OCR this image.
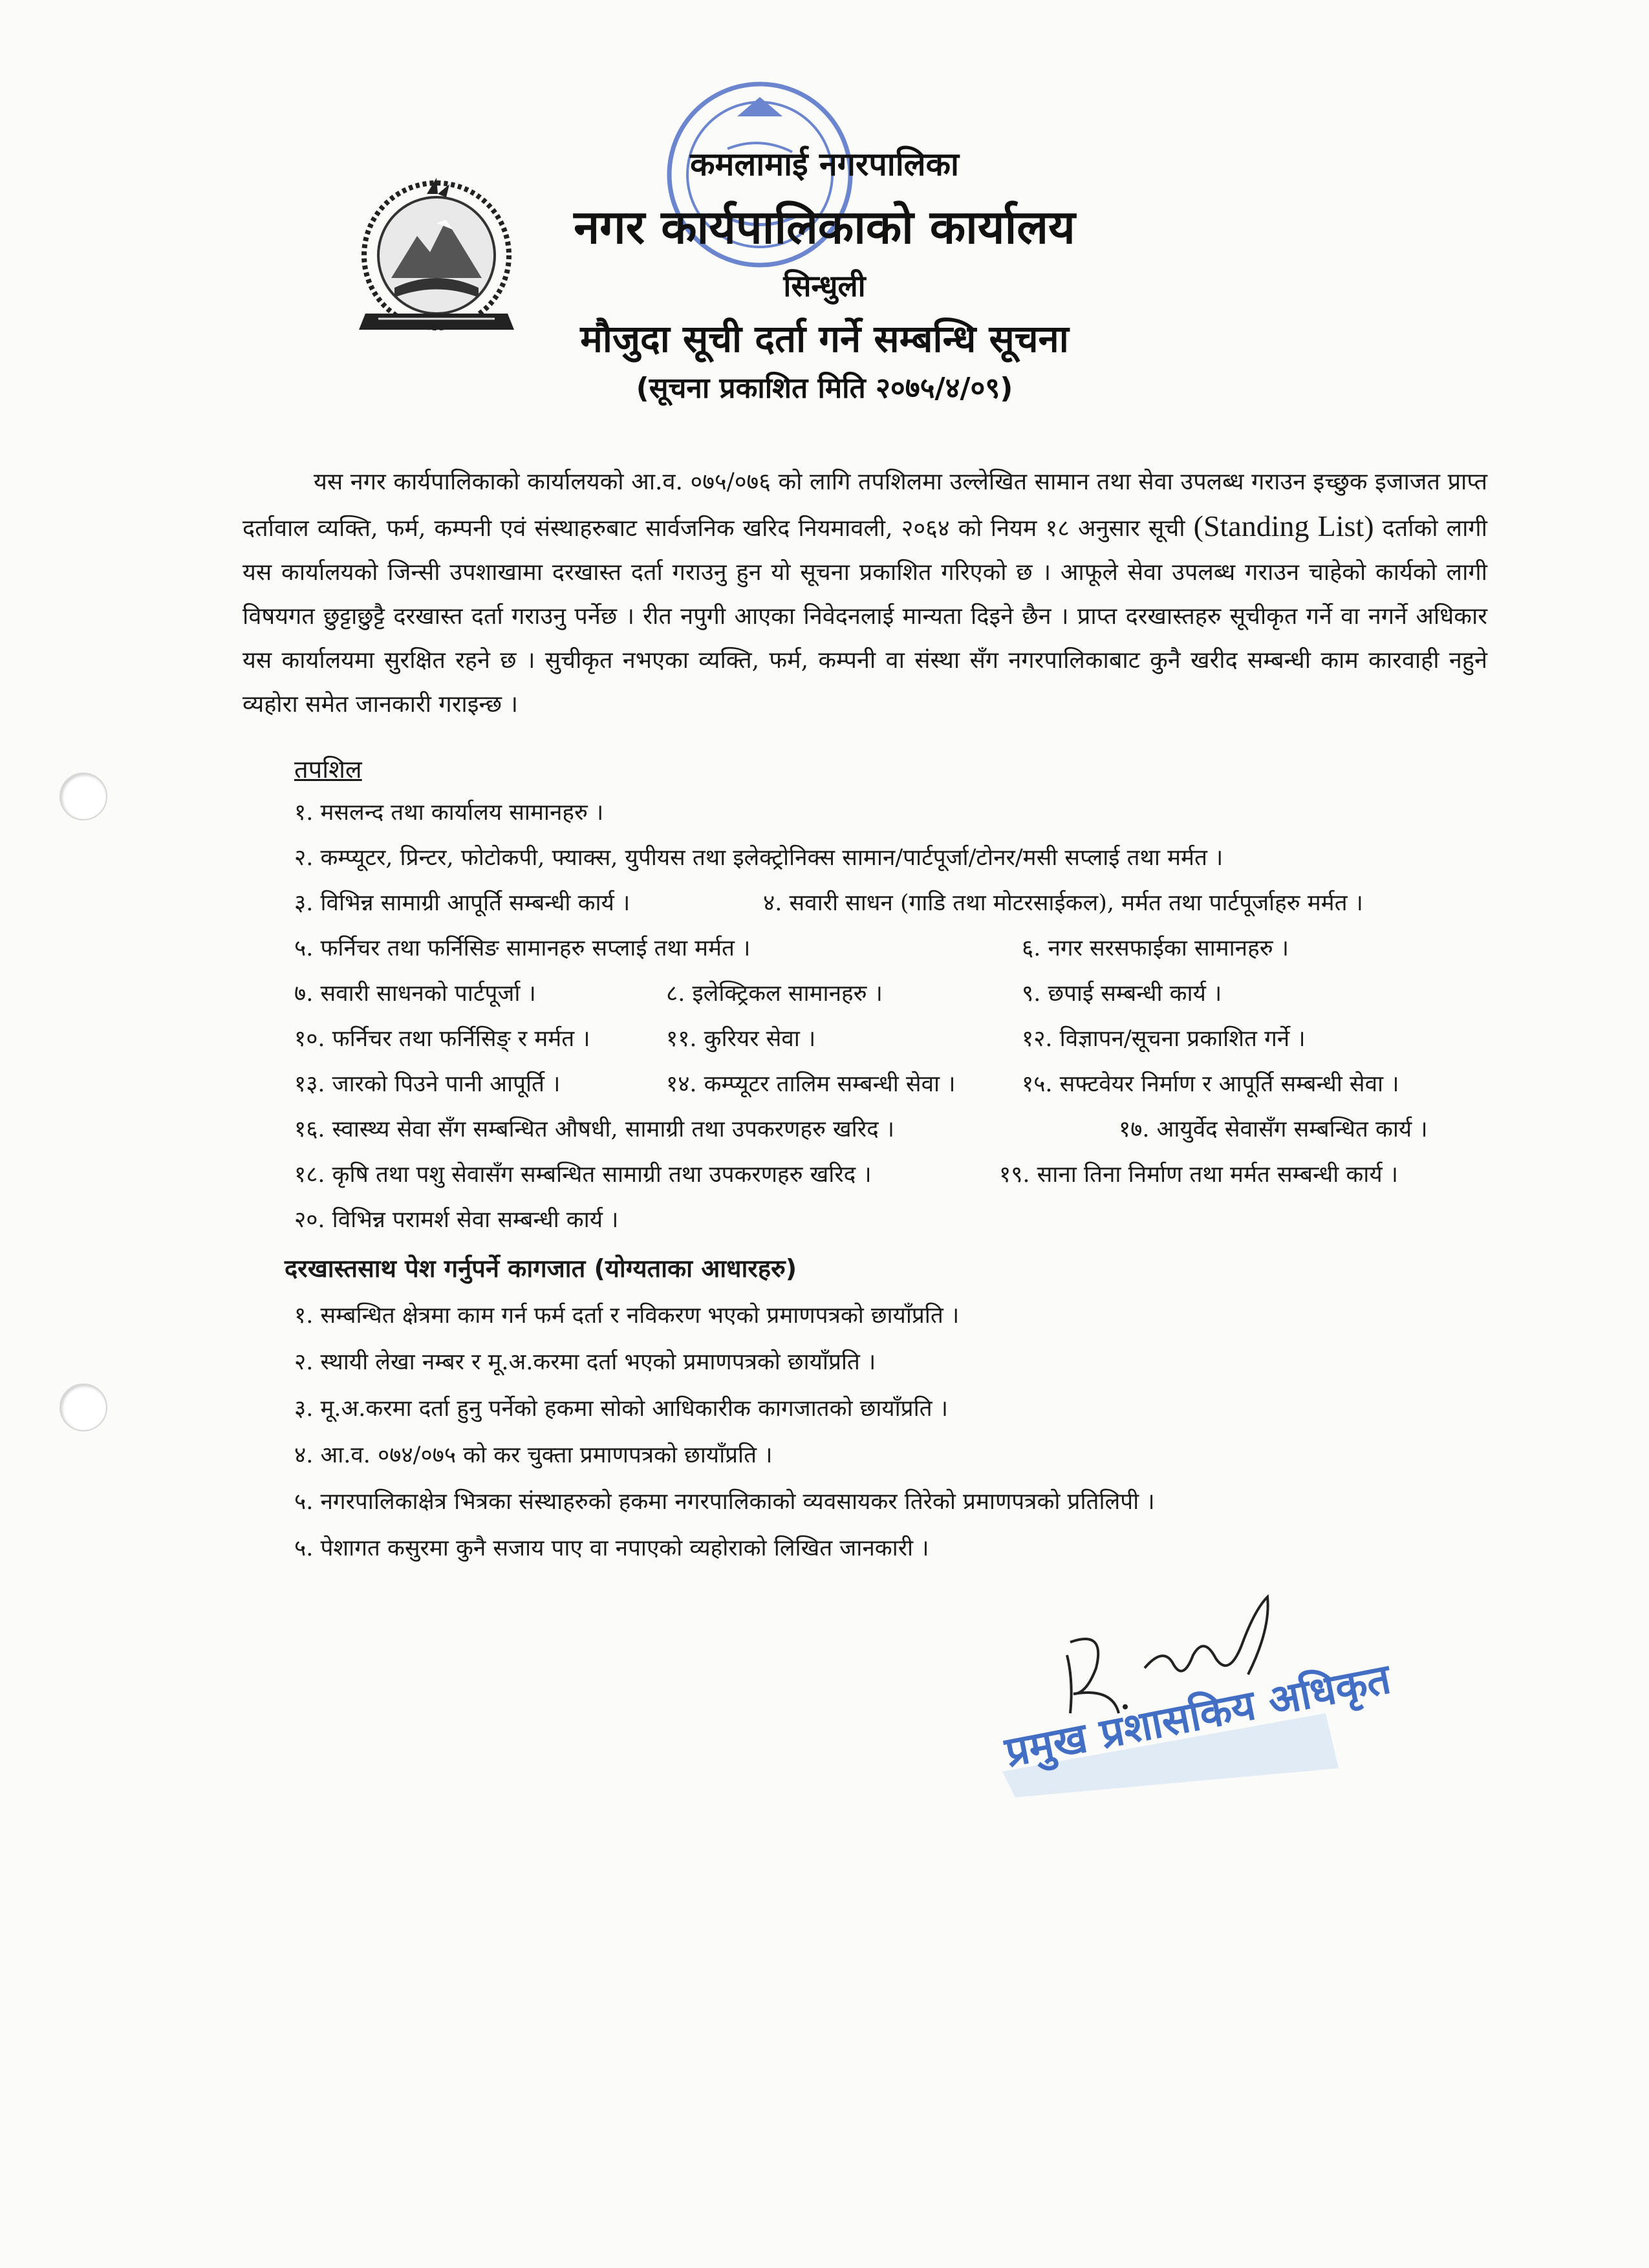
कमलामाई नगरपालिका
नगर कार्यपालिकाको कार्यालय
सिन्धुली
मौजुदा सूची दर्ता गर्ने सम्बन्धि सूचना
(सूचना प्रकाशित मिति २०७५/४/०९)
यस नगर कार्यपालिकाको कार्यालयको आ.व. ०७५/०७६ को लागि तपशिलमा उल्लेखित सामान तथा सेवा उपलब्ध गराउन इच्छुक इजाजत प्राप्त दर्तावाल व्यक्ति, फर्म, कम्पनी एवं संस्थाहरुबाट सार्वजनिक खरिद नियमावली, २०६४ को नियम १८ अनुसार सूची (Standing List) दर्ताको लागी यस कार्यालयको जिन्सी उपशाखामा दरखास्त दर्ता गराउनु हुन यो सूचना प्रकाशित गरिएको छ । आफूले सेवा उपलब्ध गराउन चाहेको कार्यको लागी विषयगत छुट्टाछुट्टै दरखास्त दर्ता गराउनु पर्नेछ । रीत नपुगी आएका निवेदनलाई मान्यता दिइने छैन । प्राप्त दरखास्तहरु सूचीकृत गर्ने वा नगर्ने अधिकार यस कार्यालयमा सुरक्षित रहने छ । सुचीकृत नभएका व्यक्ति, फर्म, कम्पनी वा संस्था सँग नगरपालिकाबाट कुनै खरीद सम्बन्धी काम कारवाही नहुने व्यहोरा समेत जानकारी गराइन्छ ।
तपशिल
१. मसलन्द तथा कार्यालय सामानहरु ।
२. कम्प्यूटर, प्रिन्टर, फोटोकपी, फ्याक्स, युपीयस तथा इलेक्ट्रोनिक्स सामान/पार्टपूर्जा/टोनर/मसी सप्लाई तथा मर्मत ।
३. विभिन्न सामाग्री आपूर्ति सम्बन्धी कार्य ।	४. सवारी साधन (गाडि तथा मोटरसाईकल), मर्मत तथा पार्टपूर्जाहरु मर्मत ।
५. फर्निचर तथा फर्निसिङ सामानहरु सप्लाई तथा मर्मत ।	६. नगर सरसफाईका सामानहरु ।
७. सवारी साधनको पार्टपूर्जा ।	८. इलेक्ट्रिकल सामानहरु ।	९. छपाई सम्बन्धी कार्य ।
१०. फर्निचर तथा फर्निसिङ् र मर्मत ।	११. कुरियर सेवा ।	१२. विज्ञापन/सूचना प्रकाशित गर्ने ।
१३. जारको पिउने पानी आपूर्ति ।	१४. कम्प्यूटर तालिम सम्बन्धी सेवा ।	१५. सफ्टवेयर निर्माण र आपूर्ति सम्बन्धी सेवा ।
१६. स्वास्थ्य सेवा सँग सम्बन्धित औषधी, सामाग्री तथा उपकरणहरु खरिद ।	१७. आयुर्वेद सेवासँग सम्बन्धित कार्य ।
१८. कृषि तथा पशु सेवासँग सम्बन्धित सामाग्री तथा उपकरणहरु खरिद ।	१९. साना तिना निर्माण तथा मर्मत सम्बन्धी कार्य ।
२०. विभिन्न परामर्श सेवा सम्बन्धी कार्य ।
दरखास्तसाथ पेश गर्नुपर्ने कागजात (योग्यताका आधारहरु)
१. सम्बन्धित क्षेत्रमा काम गर्न फर्म दर्ता र नविकरण भएको प्रमाणपत्रको छायाँप्रति ।
२. स्थायी लेखा नम्बर र मू.अ.करमा दर्ता भएको प्रमाणपत्रको छायाँप्रति ।
३. मू.अ.करमा दर्ता हुनु पर्नेको हकमा सोको आधिकारीक कागजातको छायाँप्रति ।
४. आ.व. ०७४/०७५ को कर चुक्ता प्रमाणपत्रको छायाँप्रति ।
५. नगरपालिकाक्षेत्र भित्रका संस्थाहरुको हकमा नगरपालिकाको व्यवसायकर तिरेको प्रमाणपत्रको प्रतिलिपी ।
५. पेशागत कसुरमा कुनै सजाय पाए वा नपाएको व्यहोराको लिखित जानकारी ।
प्रमुख प्रशासकिय अधिकृत
